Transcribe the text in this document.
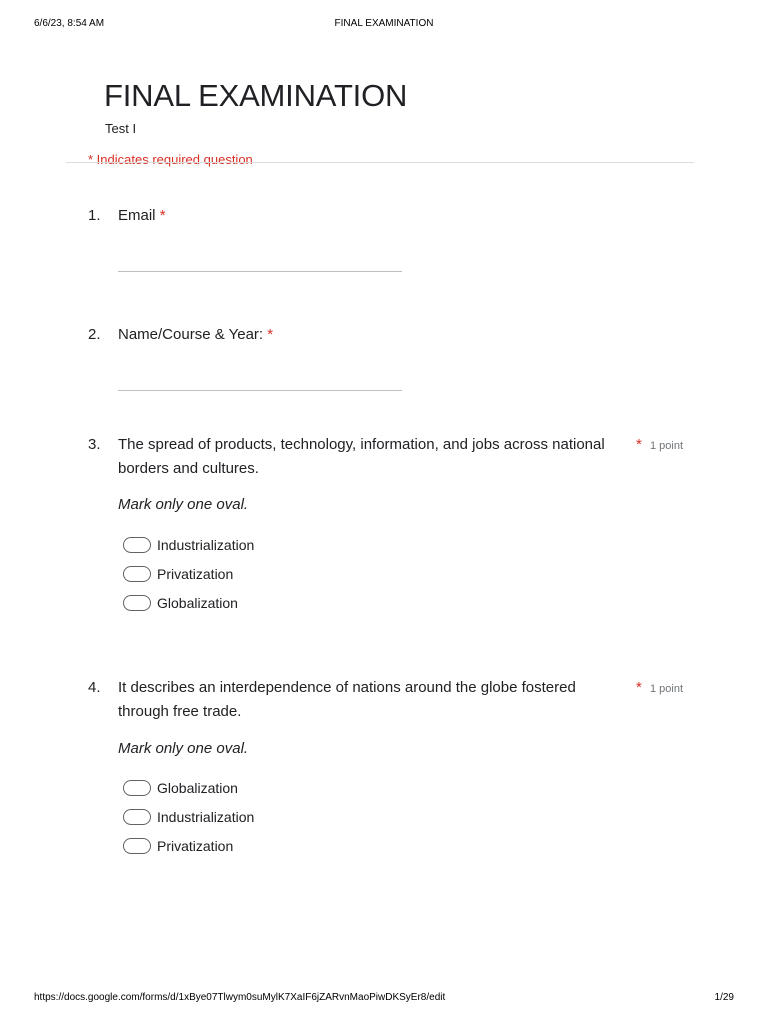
6/6/23, 8:54 AM	FINAL EXAMINATION
FINAL EXAMINATION
Test I
* Indicates required question
1.	Email *
2.	Name/Course & Year: *
3.	The spread of products, technology, information, and jobs across national borders and cultures.
* 1 point
Mark only one oval.
Industrialization
Privatization
Globalization
4.	It describes an interdependence of nations around the globe fostered through free trade.
* 1 point
Mark only one oval.
Globalization
Industrialization
Privatization
https://docs.google.com/forms/d/1xBye07Tlwym0suMylK7XaIF6jZARvnMaoPiwDKSyEr8/edit	1/29
